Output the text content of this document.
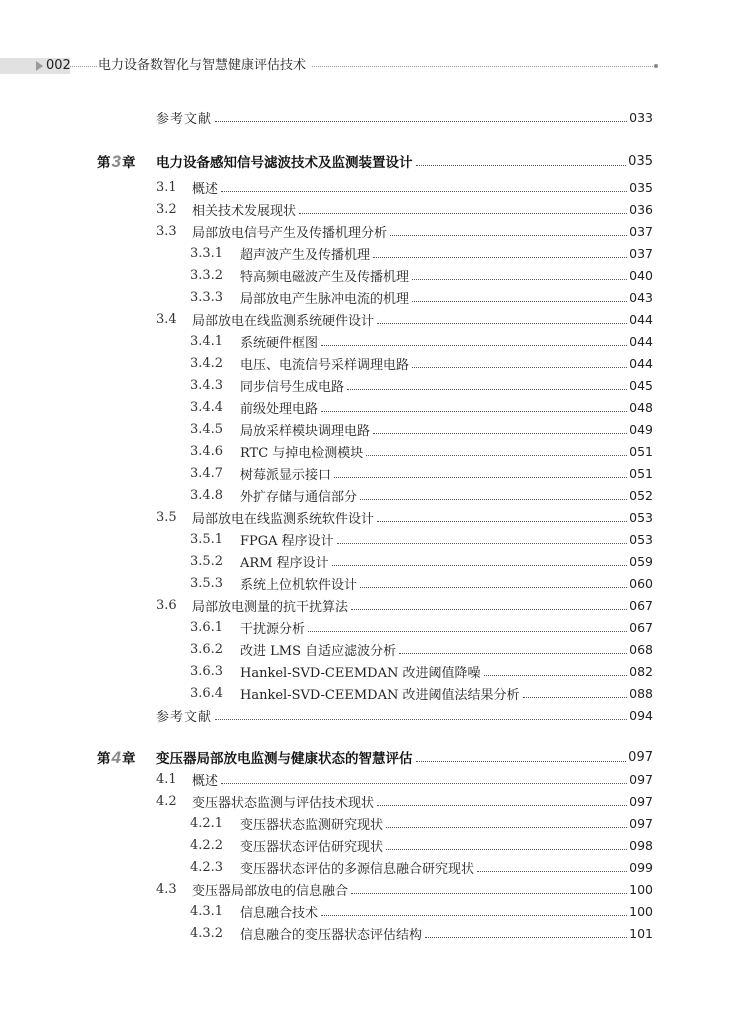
002 电力设备数智化与智慧健康评估技术
参考文献	033
第3章	电力设备感知信号滤波技术及监测装置设计	035
3.1	概述	035
3.2	相关技术发展现状	036
3.3	局部放电信号产生及传播机理分析	037
3.3.1	超声波产生及传播机理	037
3.3.2	特高频电磁波产生及传播机理	040
3.3.3	局部放电产生脉冲电流的机理	043
3.4	局部放电在线监测系统硬件设计	044
3.4.1	系统硬件框图	044
3.4.2	电压、电流信号采样调理电路	044
3.4.3	同步信号生成电路	045
3.4.4	前级处理电路	048
3.4.5	局放采样模块调理电路	049
3.4.6	RTC 与掉电检测模块	051
3.4.7	树莓派显示接口	051
3.4.8	外扩存储与通信部分	052
3.5	局部放电在线监测系统软件设计	053
3.5.1	FPGA 程序设计	053
3.5.2	ARM 程序设计	059
3.5.3	系统上位机软件设计	060
3.6	局部放电测量的抗干扰算法	067
3.6.1	干扰源分析	067
3.6.2	改进 LMS 自适应滤波分析	068
3.6.3	Hankel-SVD-CEEMDAN 改进阈值降噪	082
3.6.4	Hankel-SVD-CEEMDAN 改进阈值法结果分析	088
参考文献	094
第4章	变压器局部放电监测与健康状态的智慧评估	097
4.1	概述	097
4.2	变压器状态监测与评估技术现状	097
4.2.1	变压器状态监测研究现状	097
4.2.2	变压器状态评估研究现状	098
4.2.3	变压器状态评估的多源信息融合研究现状	099
4.3	变压器局部放电的信息融合	100
4.3.1	信息融合技术	100
4.3.2	信息融合的变压器状态评估结构	101
